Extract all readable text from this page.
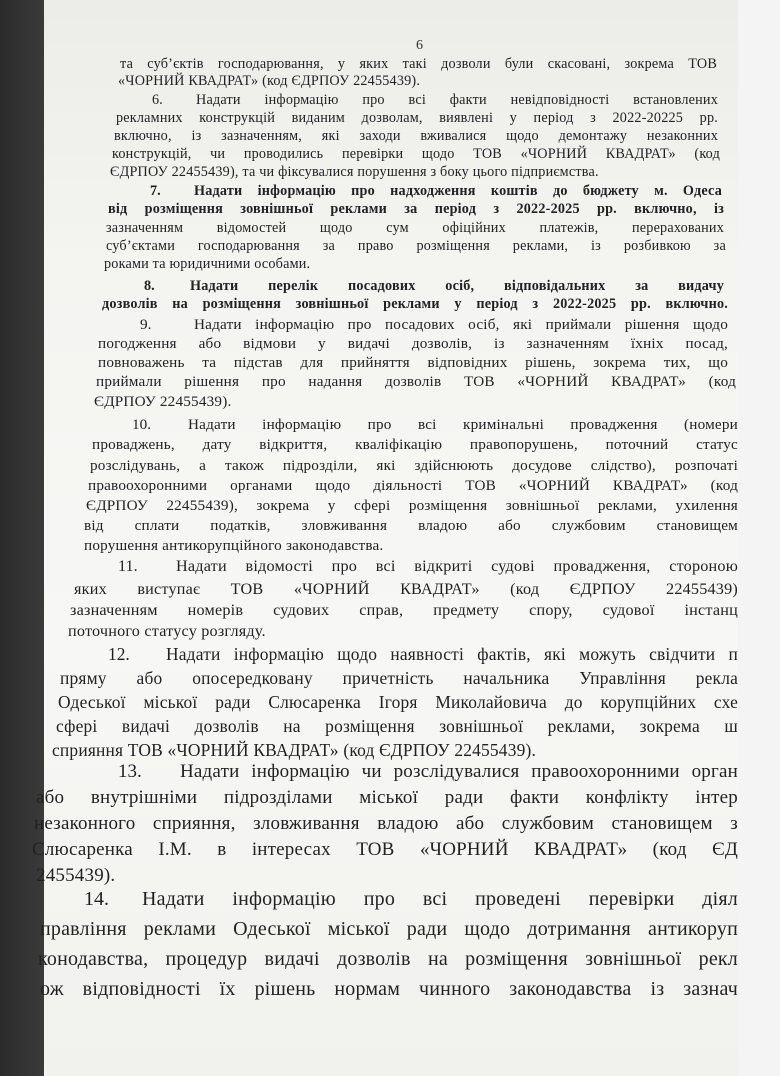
6
та суб’єктів господарювання, у яких такі дозволи були скасовані, зокрема ТОВ
«ЧОРНИЙ КВАДРАТ» (код ЄДРПОУ 22455439).
6. Надати інформацію про всі факти невідповідності встановлених
рекламних конструкцій виданим дозволам, виявлені у період з 2022-20225 рр.
включно, із зазначенням, які заходи вживалися щодо демонтажу незаконних
конструкцій, чи проводились перевірки щодо ТОВ «ЧОРНИЙ КВАДРАТ» (код
ЄДРПОУ 22455439), та чи фіксувалися порушення з боку цього підприємства.
7. Надати інформацію про надходження коштів до бюджету м. Одеса
від розміщення зовнішньої реклами за період з 2022-2025 рр. включно, із
зазначенням відомостей щодо сум офіційних платежів, перерахованих
суб’єктами господарювання за право розміщення реклами, із розбивкою за
роками та юридичними особами.
8. Надати перелік посадових осіб, відповідальних за видачу
дозволів на розміщення зовнішньої реклами у період з 2022-2025 рр. включно.
9.	Надати інформацію про посадових осіб, які приймали рішення щодо
погодження або відмови у видачі дозволів, із зазначенням їхніх посад,
повноважень та підстав для прийняття відповідних рішень, зокрема тих, що
приймали рішення про надання дозволів ТОВ «ЧОРНИЙ КВАДРАТ» (код
ЄДРПОУ 22455439).
10. Надати інформацію про всі кримінальні провадження (номери
проваджень, дату відкриття, кваліфікацію правопорушень, поточний статус
розслідувань, а також підрозділи, які здійснюють досудове слідство), розпочаті
правоохоронними органами щодо діяльності ТОВ «ЧОРНИЙ КВАДРАТ» (код
ЄДРПОУ 22455439), зокрема у сфері розміщення зовнішньої реклами, ухилення
від сплати податків, зловживання владою або службовим становищем
порушення антикорупційного законодавства.
11. Надати відомості про всі відкриті судові провадження, стороною
яких виступає ТОВ «ЧОРНИЙ КВАДРАТ» (код ЄДРПОУ 22455439)
зазначенням номерів судових справ, предмету спору, судової інстанц
поточного статусу розгляду.
12. Надати інформацію щодо наявності фактів, які можуть свідчити п
пряму або опосередковану причетність начальника Управління рекла
Одеської міської ради Слюсаренка Ігоря Миколайовича до корупційних схе
сфері видачі дозволів на розміщення зовнішньої реклами, зокрема ш
сприяння ТОВ «ЧОРНИЙ КВАДРАТ» (код ЄДРПОУ 22455439).
13. Надати інформацію чи розслідувалися правоохоронними орган
або внутрішніми підрозділами міської ради факти конфлікту інтер
незаконного сприяння, зловживання владою або службовим становищем з
Слюсаренка І.М. в інтересах ТОВ «ЧОРНИЙ КВАДРАТ» (код ЄД
2455439).
14. Надати інформацію про всі проведені перевірки діял
правління реклами Одеської міської ради щодо дотримання антикоруп
конодавства, процедур видачі дозволів на розміщення зовнішньої рекл
ож відповідності їх рішень нормам чинного законодавства із зазнач
